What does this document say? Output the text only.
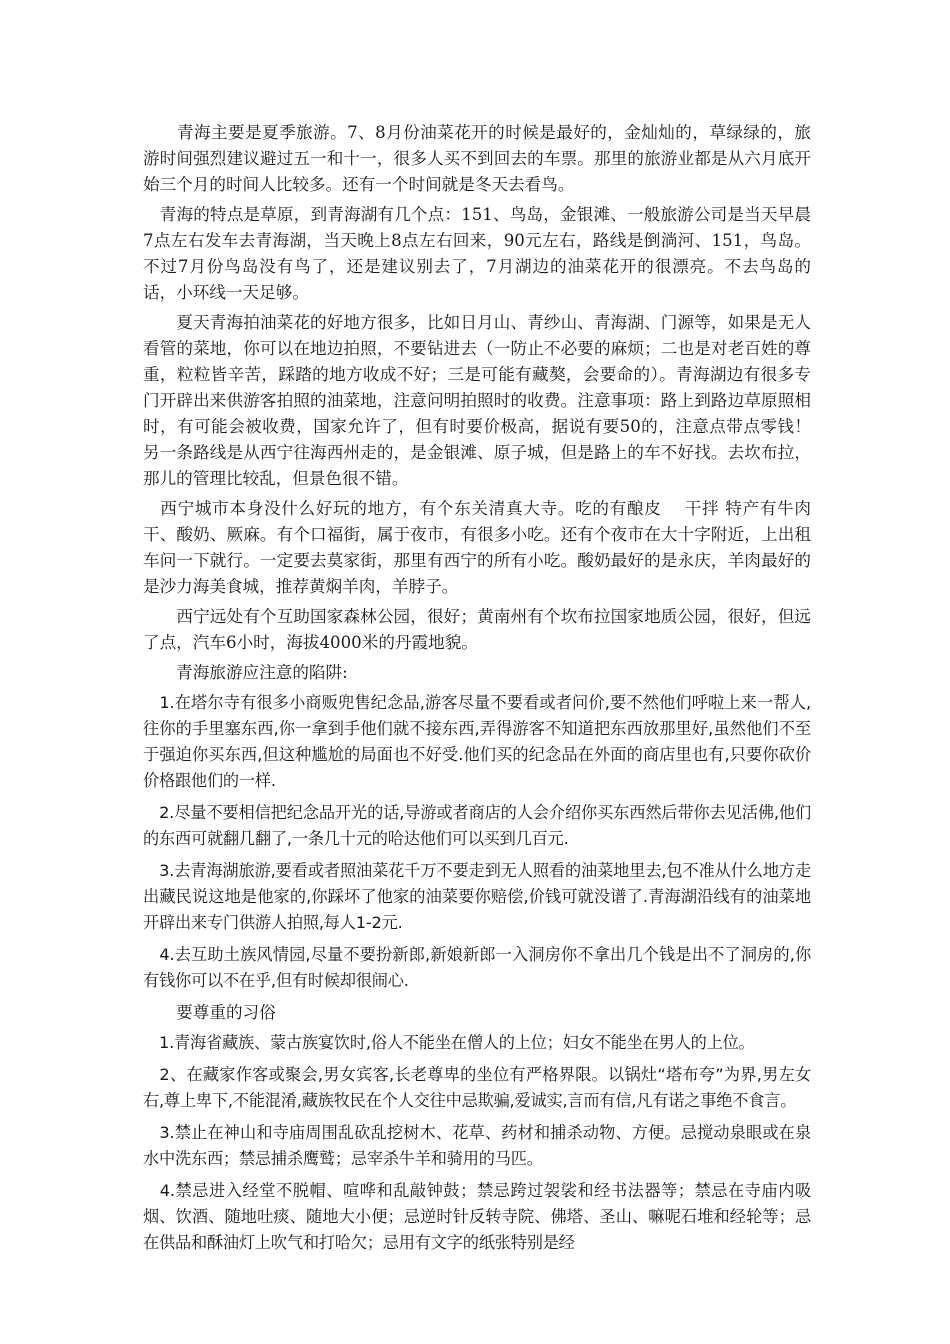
　　青海主要是夏季旅游。7、8月份油菜花开的时候是最好的，金灿灿的，草绿绿的，旅游时间强烈建议避过五一和十一，很多人买不到回去的车票。那里的旅游业都是从六月底开始三个月的时间人比较多。还有一个时间就是冬天去看鸟。

　青海的特点是草原，到青海湖有几个点：151、鸟岛，金银滩、一般旅游公司是当天早晨7点左右发车去青海湖，当天晚上8点左右回来，90元左右，路线是倒淌河、151，鸟岛。不过7月份鸟岛没有鸟了，还是建议别去了，7月湖边的油菜花开的很漂亮。不去鸟岛的话，小环线一天足够。

　　夏天青海拍油菜花的好地方很多，比如日月山、青纱山、青海湖、门源等，如果是无人看管的菜地，你可以在地边拍照，不要钻进去（一防止不必要的麻烦；二也是对老百姓的尊重，粒粒皆辛苦，踩踏的地方收成不好；三是可能有藏獒，会要命的）。青海湖边有很多专门开辟出来供游客拍照的油菜地，注意问明拍照时的收费。注意事项：路上到路边草原照相时，有可能会被收费，国家允许了，但有时要价极高，据说有要50的，注意点带点零钱！另一条路线是从西宁往海西州走的，是金银滩、原子城，但是路上的车不好找。去坎布拉，那儿的管理比较乱，但景色很不错。

　西宁城市本身没什么好玩的地方，有个东关清真大寺。吃的有酿皮　 干拌 特产有牛肉干、酸奶、厥麻。有个口福街，属于夜市，有很多小吃。还有个夜市在大十字附近，上出租车问一下就行。一定要去莫家街，那里有西宁的所有小吃。酸奶最好的是永庆，羊肉最好的是沙力海美食城，推荐黄焖羊肉，羊脖子。

　　西宁远处有个互助国家森林公园，很好；黄南州有个坎布拉国家地质公园，很好，但远了点，汽车6小时，海拔4000米的丹霞地貌。

　　青海旅游应注意的陷阱:

　1.在塔尔寺有很多小商贩兜售纪念品,游客尽量不要看或者问价,要不然他们呼啦上来一帮人,往你的手里塞东西,你一拿到手他们就不接东西,弄得游客不知道把东西放那里好,虽然他们不至于强迫你买东西,但这种尴尬的局面也不好受.他们买的纪念品在外面的商店里也有,只要你砍价价格跟他们的一样.

　2.尽量不要相信把纪念品开光的话,导游或者商店的人会介绍你买东西然后带你去见活佛,他们的东西可就翻几翻了,一条几十元的哈达他们可以买到几百元.

　3.去青海湖旅游,要看或者照油菜花千万不要走到无人照看的油菜地里去,包不准从什么地方走出藏民说这地是他家的,你踩坏了他家的油菜要你赔偿,价钱可就没谱了.青海湖沿线有的油菜地开辟出来专门供游人拍照,每人1-2元.

　4.去互助土族风情园,尽量不要扮新郎,新娘新郎一入洞房你不拿出几个钱是出不了洞房的,你有钱你可以不在乎,但有时候却很闹心.

　　要尊重的习俗

　1.青海省藏族、蒙古族宴饮时,俗人不能坐在僧人的上位；妇女不能坐在男人的上位。

　2、在藏家作客或聚会,男女宾客,长老尊卑的坐位有严格界限。以锅灶“塔布夸”为界,男左女右,尊上卑下,不能混淆,藏族牧民在个人交往中忌欺骗,爱诚实,言而有信,凡有诺之事绝不食言。

　3.禁止在神山和寺庙周围乱砍乱挖树木、花草、药材和捕杀动物、方便。忌搅动泉眼或在泉水中洗东西；禁忌捕杀鹰鹫；忌宰杀牛羊和骑用的马匹。

　4.禁忌进入经堂不脱帽、喧哗和乱敲钟鼓；禁忌跨过袈裟和经书法器等；禁忌在寺庙内吸烟、饮酒、随地吐痰、随地大小便；忌逆时针反转寺院、佛塔、圣山、嘛呢石堆和经轮等；忌在供品和酥油灯上吹气和打哈欠；忌用有文字的纸张特别是经
